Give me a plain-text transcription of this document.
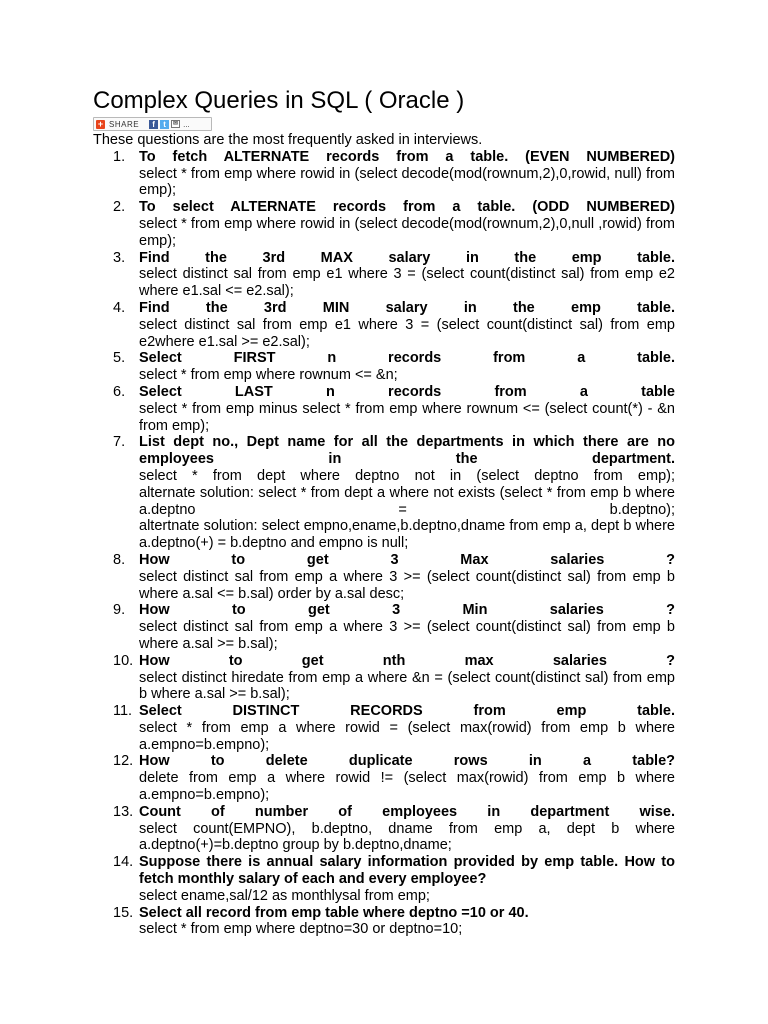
Complex Queries in SQL ( Oracle )
+ SHARE	f	t	✉ ...

These questions are the most frequently asked in interviews.

1. To fetch ALTERNATE records from a table. (EVEN NUMBERED)
select * from emp where rowid in (select decode(mod(rownum,2),0,rowid, null) from emp);
2. To select ALTERNATE records from a table. (ODD NUMBERED)
select * from emp where rowid in (select decode(mod(rownum,2),0,null ,rowid) from emp);
3. Find the 3rd MAX salary in the emp table.
select distinct sal from emp e1 where 3 = (select count(distinct sal) from emp e2 where e1.sal <= e2.sal);
4. Find the 3rd MIN salary in the emp table.
select distinct sal from emp e1 where 3 = (select count(distinct sal) from emp e2where e1.sal >= e2.sal);
5. Select FIRST n records from a table.
select * from emp where rownum <= &n;
6. Select LAST n records from a table
select * from emp minus select * from emp where rownum <= (select count(*) - &n from emp);
7. List dept no., Dept name for all the departments in which there are no employees in the department.
select * from dept where deptno not in (select deptno from emp);
alternate solution: select * from dept a where not exists (select * from emp b where a.deptno = b.deptno);
altertnate solution: select empno,ename,b.deptno,dname from emp a, dept b where a.deptno(+) = b.deptno and empno is null;
8. How to get 3 Max salaries ?
select distinct sal from emp a where 3 >= (select count(distinct sal) from emp b where a.sal <= b.sal) order by a.sal desc;
9. How to get 3 Min salaries ?
select distinct sal from emp a where 3 >= (select count(distinct sal) from emp b where a.sal >= b.sal);
10. How to get nth max salaries ?
select distinct hiredate from emp a where &n = (select count(distinct sal) from emp b where a.sal >= b.sal);
11. Select DISTINCT RECORDS from emp table.
select * from emp a where rowid = (select max(rowid) from emp b where a.empno=b.empno);
12. How to delete duplicate rows in a table?
delete from emp a where rowid != (select max(rowid) from emp b where a.empno=b.empno);
13. Count of number of employees in department wise.
select count(EMPNO), b.deptno, dname from emp a, dept b where a.deptno(+)=b.deptno group by b.deptno,dname;
14. Suppose there is annual salary information provided by emp table. How to fetch monthly salary of each and every employee?
select ename,sal/12 as monthlysal from emp;
15. Select all record from emp table where deptno =10 or 40.
select * from emp where deptno=30 or deptno=10;
